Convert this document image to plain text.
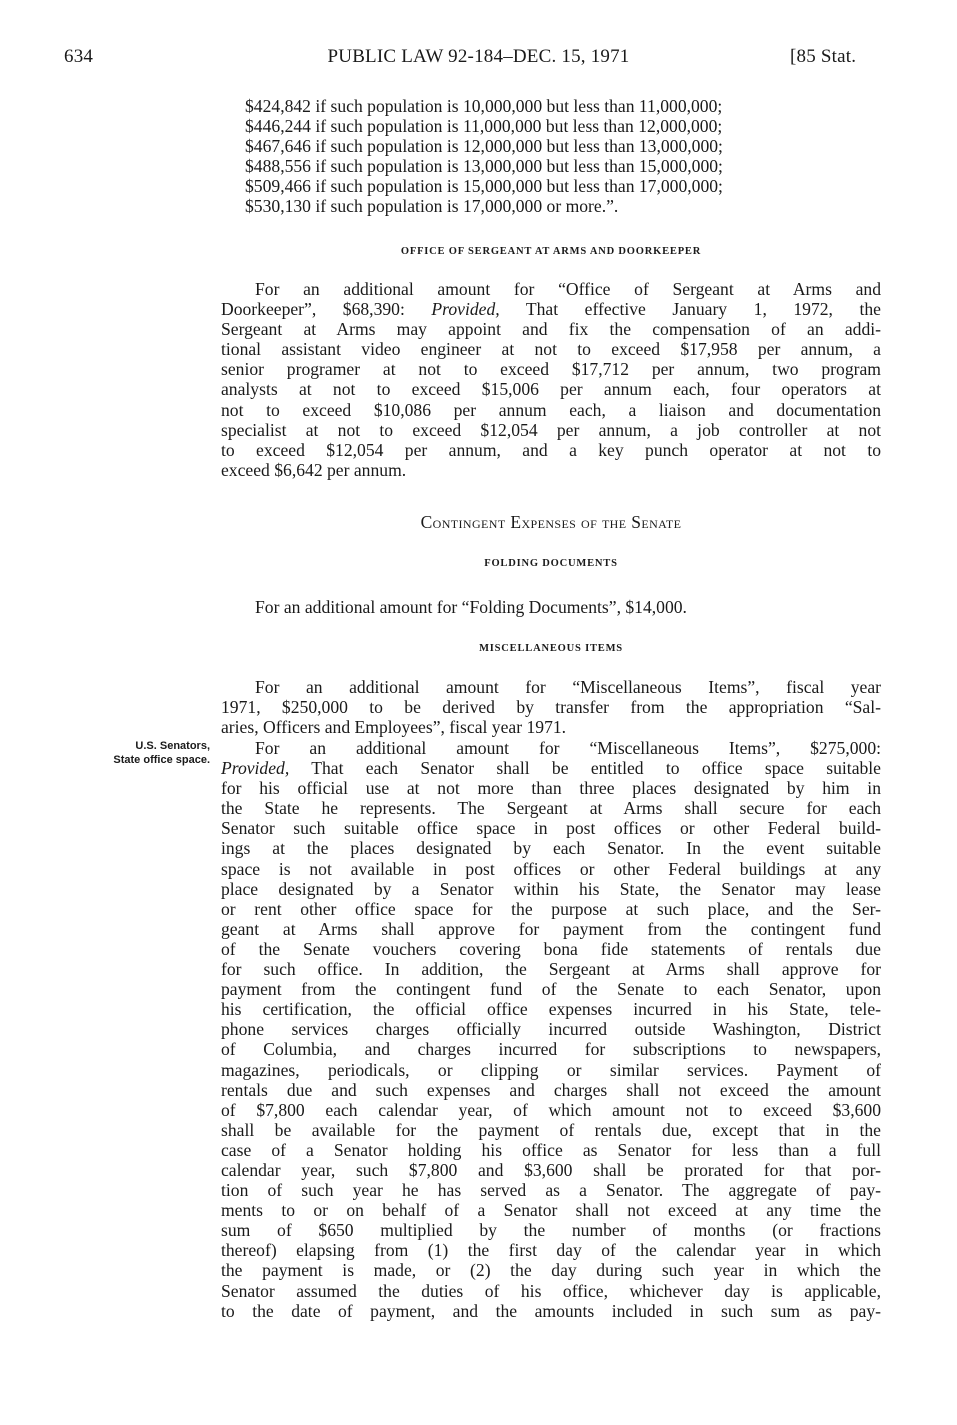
634	PUBLIC LAW 92-184–DEC. 15, 1971	[85 Stat.
$424,842 if such population is 10,000,000 but less than 11,000,000;
$446,244 if such population is 11,000,000 but less than 12,000,000;
$467,646 if such population is 12,000,000 but less than 13,000,000;
$488,556 if such population is 13,000,000 but less than 15,000,000;
$509,466 if such population is 15,000,000 but less than 17,000,000;
$530,130 if such population is 17,000,000 or more.”.
OFFICE OF SERGEANT AT ARMS AND DOORKEEPER
For an additional amount for “Office of Sergeant at Arms and
Doorkeeper”, $68,390: Provided, That effective January 1, 1972, the
Sergeant at Arms may appoint and fix the compensation of an addi-
tional assistant video engineer at not to exceed $17,958 per annum, a
senior programer at not to exceed $17,712 per annum, two program
analysts at not to exceed $15,006 per annum each, four operators at
not to exceed $10,086 per annum each, a liaison and documentation
specialist at not to exceed $12,054 per annum, a job controller at not
to exceed $12,054 per annum, and a key punch operator at not to
exceed $6,642 per annum.
Contingent Expenses of the Senate
FOLDING DOCUMENTS
For an additional amount for “Folding Documents”, $14,000.
MISCELLANEOUS ITEMS
For an additional amount for “Miscellaneous Items”, fiscal year
1971, $250,000 to be derived by transfer from the appropriation “Sal-
aries, Officers and Employees”, fiscal year 1971.
U.S. Senators,
State office space.
For an additional amount for “Miscellaneous Items”, $275,000:
Provided, That each Senator shall be entitled to office space suitable
for his official use at not more than three places designated by him in
the State he represents. The Sergeant at Arms shall secure for each
Senator such suitable office space in post offices or other Federal build-
ings at the places designated by each Senator. In the event suitable
space is not available in post offices or other Federal buildings at any
place designated by a Senator within his State, the Senator may lease
or rent other office space for the purpose at such place, and the Ser-
geant at Arms shall approve for payment from the contingent fund
of the Senate vouchers covering bona fide statements of rentals due
for such office. In addition, the Sergeant at Arms shall approve for
payment from the contingent fund of the Senate to each Senator, upon
his certification, the official office expenses incurred in his State, tele-
phone services charges officially incurred outside Washington, District
of Columbia, and charges incurred for subscriptions to newspapers,
magazines, periodicals, or clipping or similar services. Payment of
rentals due and such expenses and charges shall not exceed the amount
of $7,800 each calendar year, of which amount not to exceed $3,600
shall be available for the payment of rentals due, except that in the
case of a Senator holding his office as Senator for less than a full
calendar year, such $7,800 and $3,600 shall be prorated for that por-
tion of such year he has served as a Senator. The aggregate of pay-
ments to or on behalf of a Senator shall not exceed at any time the
sum of $650 multiplied by the number of months (or fractions
thereof) elapsing from (1) the first day of the calendar year in which
the payment is made, or (2) the day during such year in which the
Senator assumed the duties of his office, whichever day is applicable,
to the date of payment, and the amounts included in such sum as pay-
